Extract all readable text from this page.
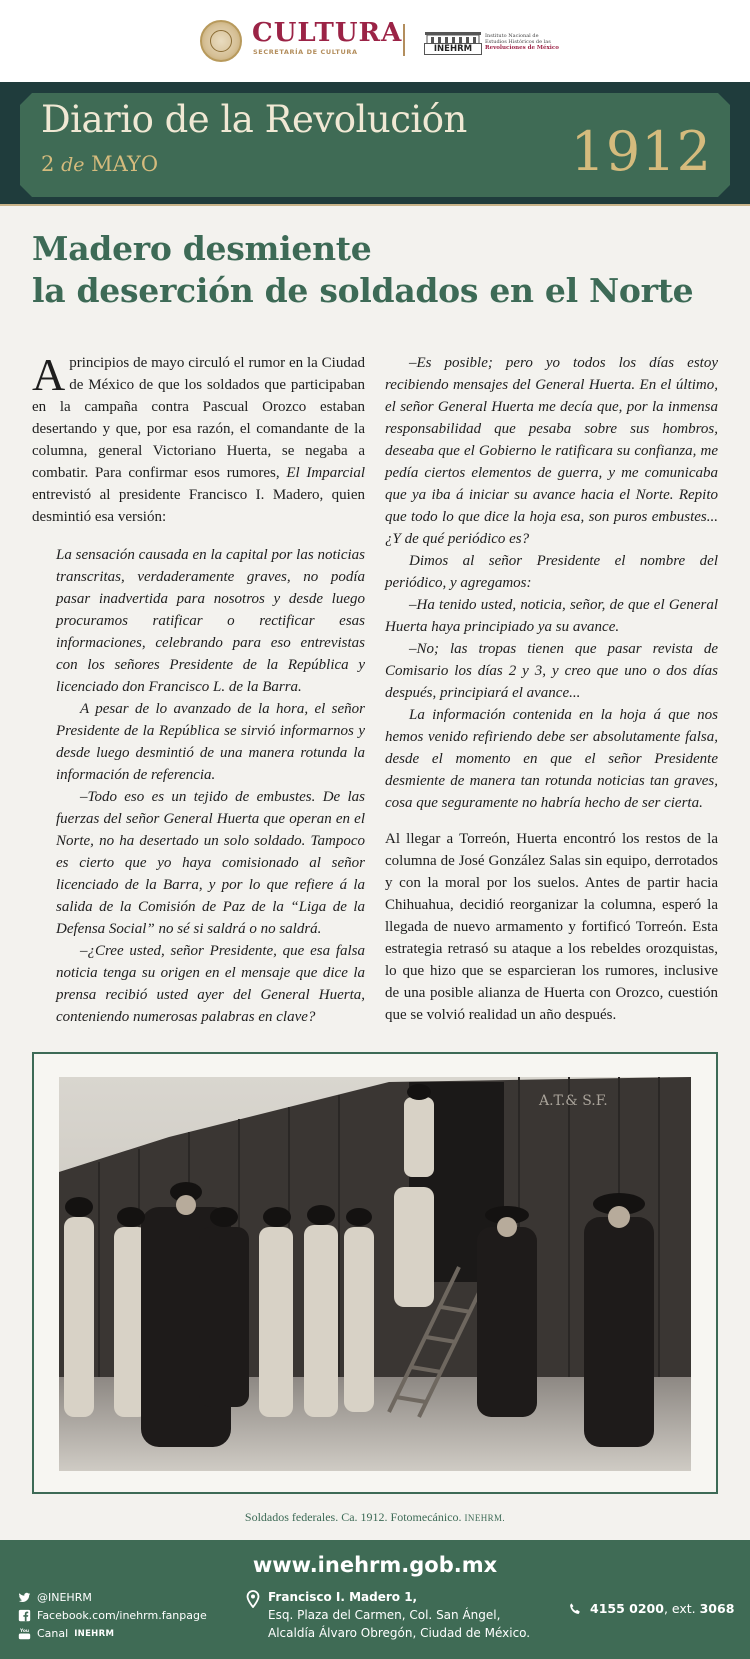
CULTURA
SECRETARÍA DE CULTURA	INEHRM
Instituto Nacional de
Estudios Históricos de las
Revoluciones de México
Diario de la Revolución
2 de MAYO	1912
Madero desmiente
la deserción de soldados en el Norte

Aprincipios de mayo circuló el rumor en la Ciudad de México de que los soldados que participaban en la campaña contra Pascual Orozco estaban desertando y que, por esa razón, el comandante de la columna, general Victoriano Huerta, se negaba a combatir. Para confirmar esos rumores, El Imparcial entrevistó al presidente Francisco I. Madero, quien desmintió esa versión:

La sensación causada en la capital por las noticias transcritas, verdaderamente graves, no podía pasar inadvertida para nosotros y desde luego procuramos ratificar o rectificar esas informaciones, celebrando para eso entrevistas con los señores Presidente de la República y licenciado don Francisco L. de la Barra.

A pesar de lo avanzado de la hora, el señor Presidente de la República se sirvió informarnos y desde luego desmintió de una manera rotunda la información de referencia.

–Todo eso es un tejido de embustes. De las fuerzas del señor General Huerta que operan en el Norte, no ha desertado un solo soldado. Tampoco es cierto que yo haya comisionado al señor licenciado de la Barra, y por lo que refiere á la salida de la Comisión de Paz de la “Liga de la Defensa Social” no sé si saldrá o no saldrá.

–¿Cree usted, señor Presidente, que esa falsa noticia tenga su origen en el mensaje que dice la prensa recibió usted ayer del General Huerta, conteniendo numerosas palabras en clave?

–Es posible; pero yo todos los días estoy recibiendo mensajes del General Huerta. En el último, el señor General Huerta me decía que, por la inmensa responsabilidad que pesaba sobre sus hombros, deseaba que el Gobierno le ratificara su confianza, me pedía ciertos elementos de guerra, y me comunicaba que ya iba á iniciar su avance hacia el Norte. Repito que todo lo que dice la hoja esa, son puros embustes... ¿Y de qué periódico es?

Dimos al señor Presidente el nombre del periódico, y agregamos:

–Ha tenido usted, noticia, señor, de que el General Huerta haya principiado ya su avance.

–No; las tropas tienen que pasar revista de Comisario los días 2 y 3, y creo que uno o dos días después, principiará el avance...

La información contenida en la hoja á que nos hemos venido refiriendo debe ser absolutamente falsa, desde el momento en que el señor Presidente desmiente de manera tan rotunda noticias tan graves, cosa que seguramente no habría hecho de ser cierta.

Al llegar a Torreón, Huerta encontró los restos de la columna de José González Salas sin equipo, derrotados y con la moral por los suelos. Antes de partir hacia Chihuahua, decidió reorganizar la columna, esperó la llegada de nuevo armamento y fortificó Torreón. Esta estrategia retrasó su ataque a los rebeldes orozquistas, lo que hizo que se esparcieran los rumores, inclusive de una posible alianza de Huerta con Orozco, cuestión que se volvió realidad un año después.

A.T.& S.F.
Soldados federales. Ca. 1912. Fotomecánico. INEHRM.
www.inehrm.gob.mx
@INEHRM
Facebook.com/inehrm.fanpage
You Canal INEHRM
Francisco I. Madero 1,
Esq. Plaza del Carmen, Col. San Ángel,
Alcaldía Álvaro Obregón, Ciudad de México.
4155 0200, ext. 3068
